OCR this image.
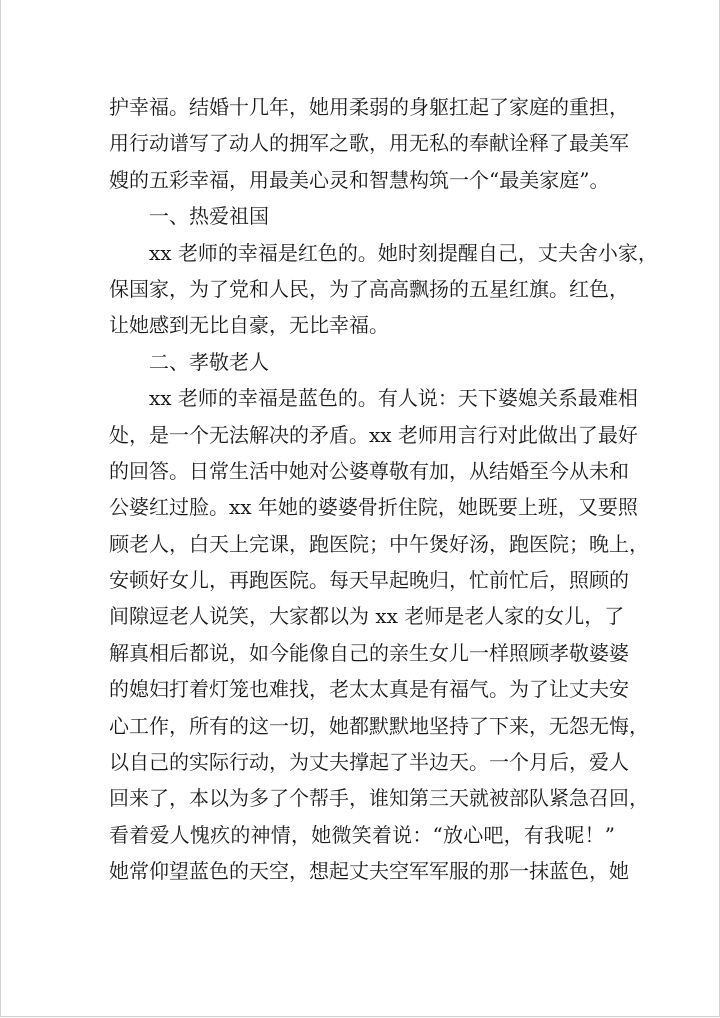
护幸福。结婚十几年，她用柔弱的身躯扛起了家庭的重担，
用行动谱写了动人的拥军之歌，用无私的奉献诠释了最美军
嫂的五彩幸福，用最美心灵和智慧构筑一个“最美家庭”。
一、热爱祖国
xx 老师的幸福是红色的。她时刻提醒自己，丈夫舍小家，
保国家，为了党和人民，为了高高飘扬的五星红旗。红色，
让她感到无比自豪，无比幸福。
二、孝敬老人
xx 老师的幸福是蓝色的。有人说：天下婆媳关系最难相
处，是一个无法解决的矛盾。xx 老师用言行对此做出了最好
的回答。日常生活中她对公婆尊敬有加，从结婚至今从未和
公婆红过脸。xx 年她的婆婆骨折住院，她既要上班，又要照
顾老人，白天上完课，跑医院；中午煲好汤，跑医院；晚上，
安顿好女儿，再跑医院。每天早起晚归，忙前忙后，照顾的
间隙逗老人说笑，大家都以为 xx 老师是老人家的女儿，了
解真相后都说，如今能像自己的亲生女儿一样照顾孝敬婆婆
的媳妇打着灯笼也难找，老太太真是有福气。为了让丈夫安
心工作，所有的这一切，她都默默地坚持了下来，无怨无悔，
以自己的实际行动，为丈夫撑起了半边天。一个月后，爱人
回来了，本以为多了个帮手，谁知第三天就被部队紧急召回，
看着爱人愧疚的神情，她微笑着说：“放心吧，有我呢！”
她常仰望蓝色的天空，想起丈夫空军军服的那一抹蓝色，她
